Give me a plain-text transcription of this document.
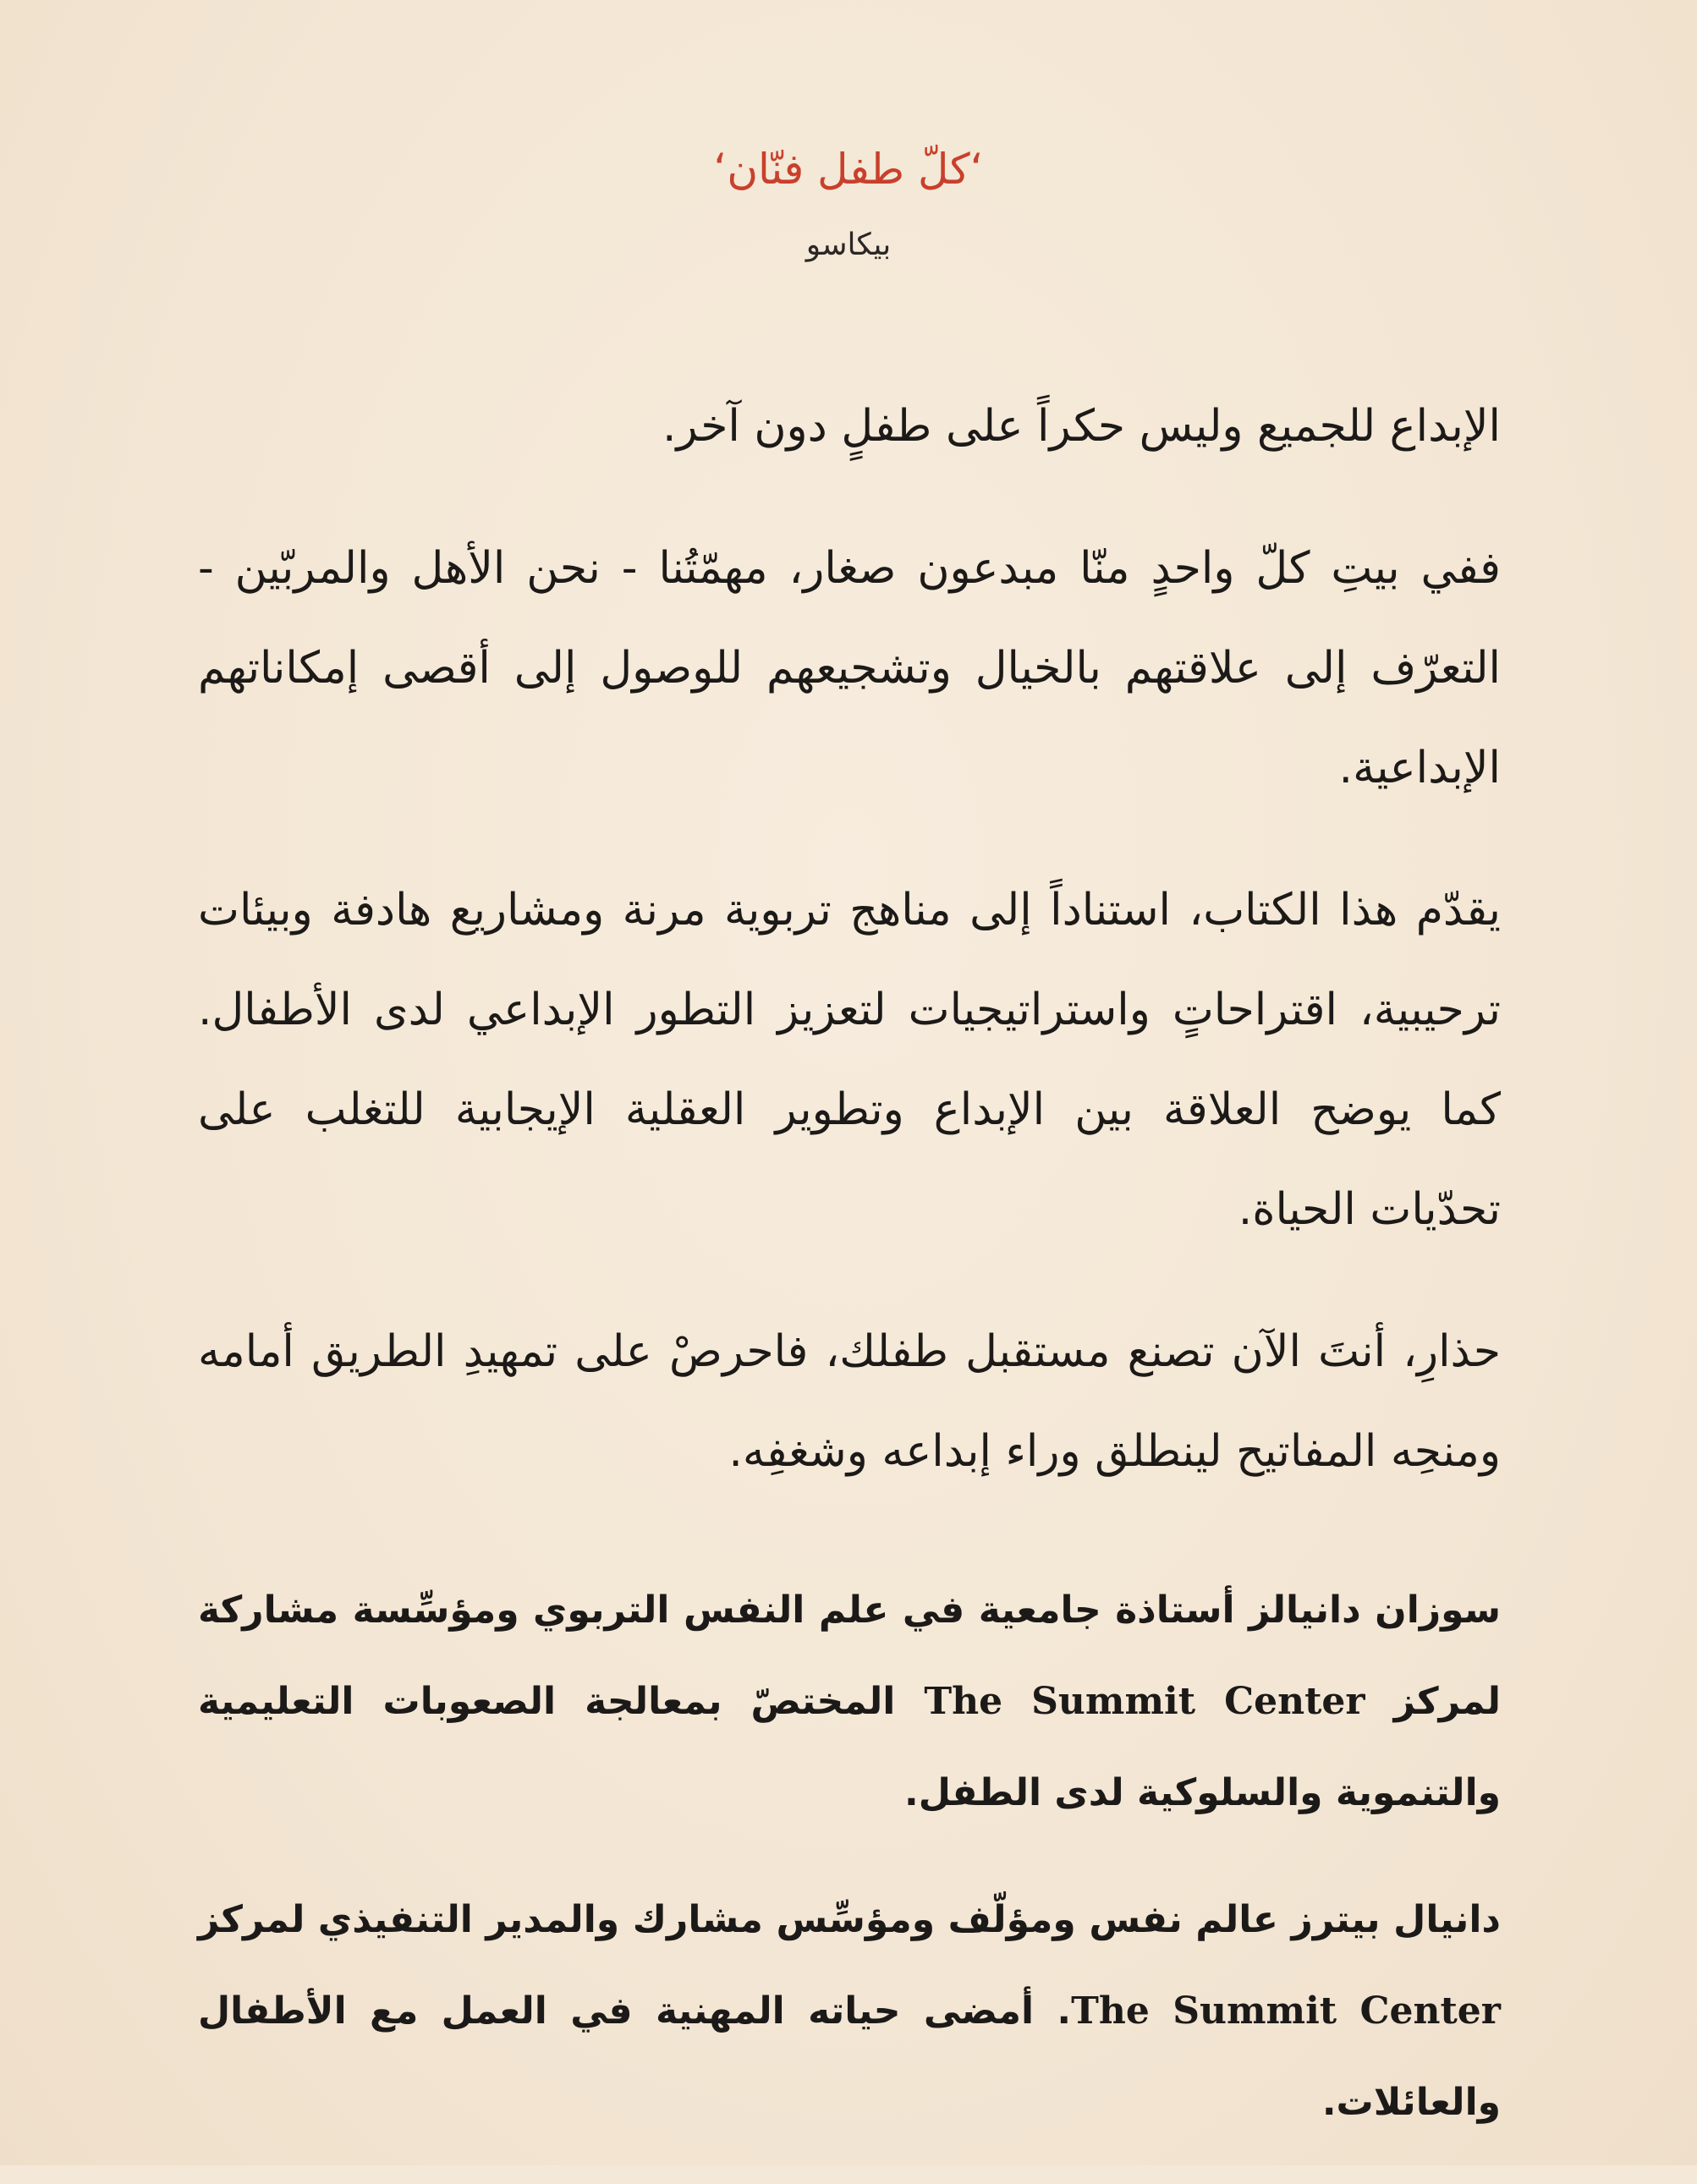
‘كلّ طفل فنّان‘
بيكاسو

الإبداع للجميع وليس حكراً على طفلٍ دون آخر.

ففي بيتِ كلّ واحدٍ منّا مبدعون صغار، مهمّتُنا - نحن الأهل والمربّين - التعرّف إلى علاقتهم بالخيال وتشجيعهم للوصول إلى أقصى إمكاناتهم الإبداعية.

يقدّم هذا الكتاب، استناداً إلى مناهج تربوية مرنة ومشاريع هادفة وبيئات ترحيبية، اقتراحاتٍ واستراتيجيات لتعزيز التطور الإبداعي لدى الأطفال. كما يوضح العلاقة بين الإبداع وتطوير العقلية الإيجابية للتغلب على تحدّيات الحياة.

حذارِ، أنتَ الآن تصنع مستقبل طفلك، فاحرصْ على تمهيدِ الطريق أمامه ومنحِه المفاتيح لينطلق وراء إبداعه وشغفِه.

سوزان دانيالز أستاذة جامعية في علم النفس التربوي ومؤسِّسة مشاركة لمركز The Summit Center المختصّ بمعالجة الصعوبات التعليمية والتنموية والسلوكية لدى الطفل.

دانيال بيترز عالم نفس ومؤلّف ومؤسِّس مشارك والمدير التنفيذي لمركز The Summit Center. أمضى حياته المهنية في العمل مع الأطفال والعائلات.
